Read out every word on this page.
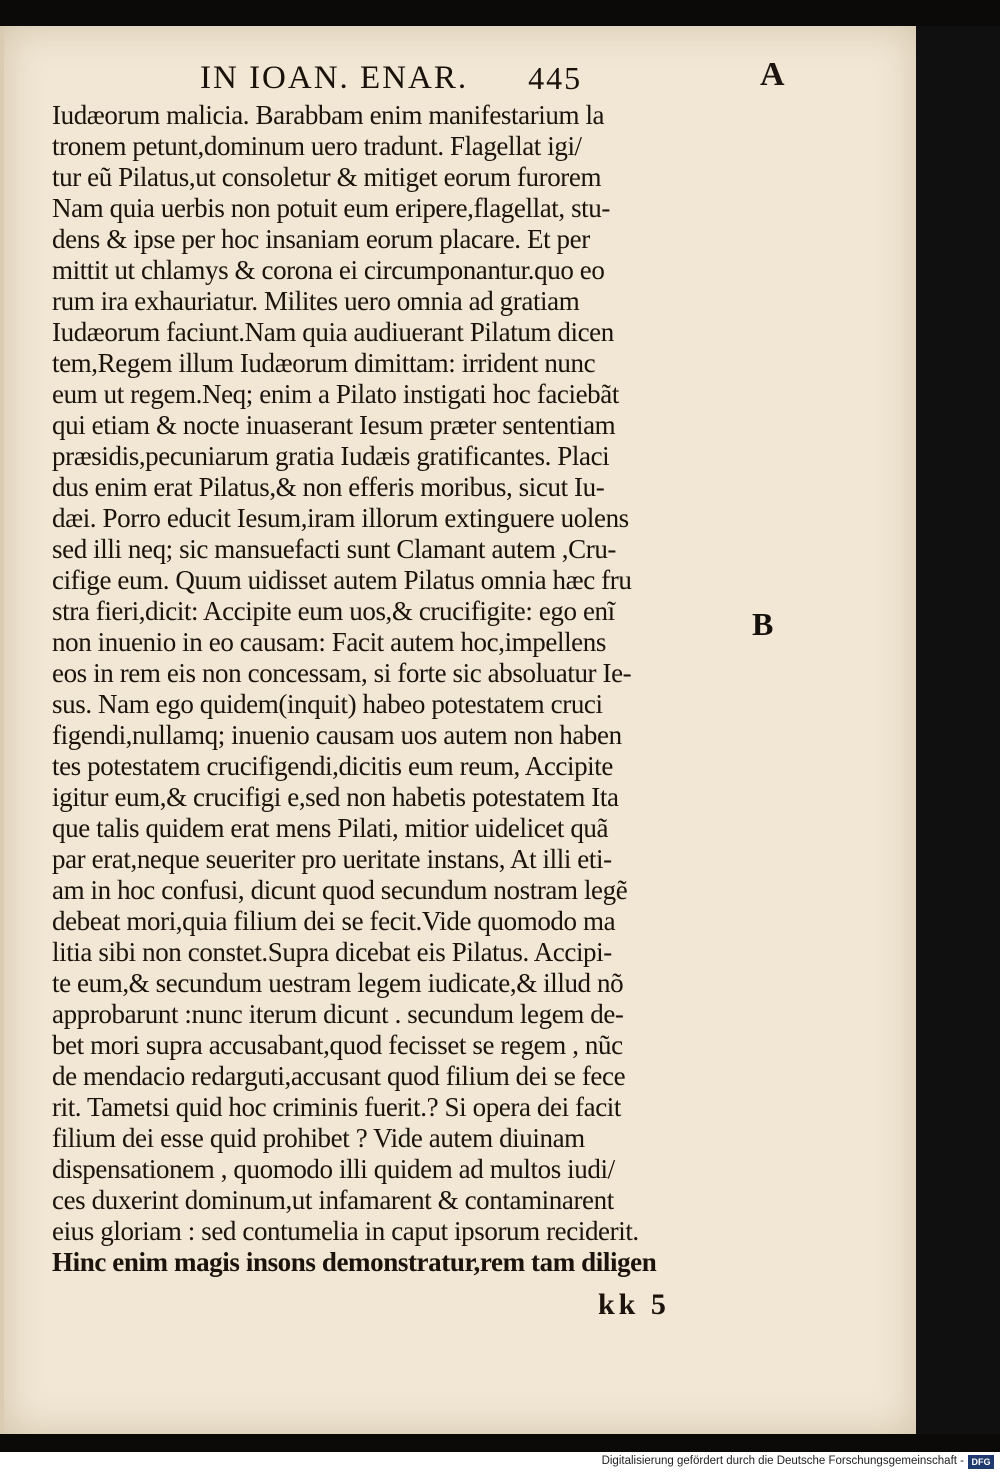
IN IOAN. ENAR. 445	A
B
Iudæorum malicia. Barabbam enim manifestarium la
tronem petunt,dominum uero tradunt. Flagellat igi/
tur eũ Pilatus,ut consoletur & mitiget eorum furorem
Nam quia uerbis non potuit eum eripere,flagellat, stu-
dens & ipse per hoc insaniam eorum placare. Et per
mittit ut chlamys & corona ei circumponantur.quo eo
rum ira exhauriatur. Milites uero omnia ad gratiam
Iudæorum faciunt.Nam quia audiuerant Pilatum dicen
tem,Regem illum Iudæorum dimittam: irrident nunc
eum ut regem.Neq; enim a Pilato instigati hoc faciebãt
qui etiam & nocte inuaserant Iesum præter sententiam
præsidis,pecuniarum gratia Iudæis gratificantes. Placi
dus enim erat Pilatus,& non efferis moribus, sicut Iu-
dæi. Porro educit Iesum,iram illorum extinguere uolens
sed illi neq; sic mansuefacti sunt Clamant autem ,Cru-
cifige eum. Quum uidisset autem Pilatus omnia hæc fru
stra fieri,dicit: Accipite eum uos,& crucifigite: ego enĩ
non inuenio in eo causam: Facit autem hoc,impellens
eos in rem eis non concessam, si forte sic absoluatur Ie-
sus. Nam ego quidem(inquit) habeo potestatem cruci
figendi,nullamq; inuenio causam uos autem non haben
tes potestatem crucifigendi,dicitis eum reum, Accipite
igitur eum,& crucifigi e,sed non habetis potestatem Ita
que talis quidem erat mens Pilati, mitior uidelicet quã
par erat,neque seueriter pro ueritate instans, At illi eti-
am in hoc confusi, dicunt quod secundum nostram legẽ
debeat mori,quia filium dei se fecit.Vide quomodo ma
litia sibi non constet.Supra dicebat eis Pilatus. Accipi-
te eum,& secundum uestram legem iudicate,& illud nõ
approbarunt :nunc iterum dicunt . secundum legem de-
bet mori supra accusabant,quod fecisset se regem , nũc
de mendacio redarguti,accusant quod filium dei se fece
rit. Tametsi quid hoc criminis fuerit.? Si opera dei facit
filium dei esse quid prohibet ? Vide autem diuinam
dispensationem , quomodo illi quidem ad multos iudi/
ces duxerint dominum,ut infamarent & contaminarent
eius gloriam : sed contumelia in caput ipsorum reciderit.
Hinc enim magis insons demonstratur,rem tam diligen
kk 5
Digitalisierung gefördert durch die Deutsche Forschungsgemeinschaft - DFG
